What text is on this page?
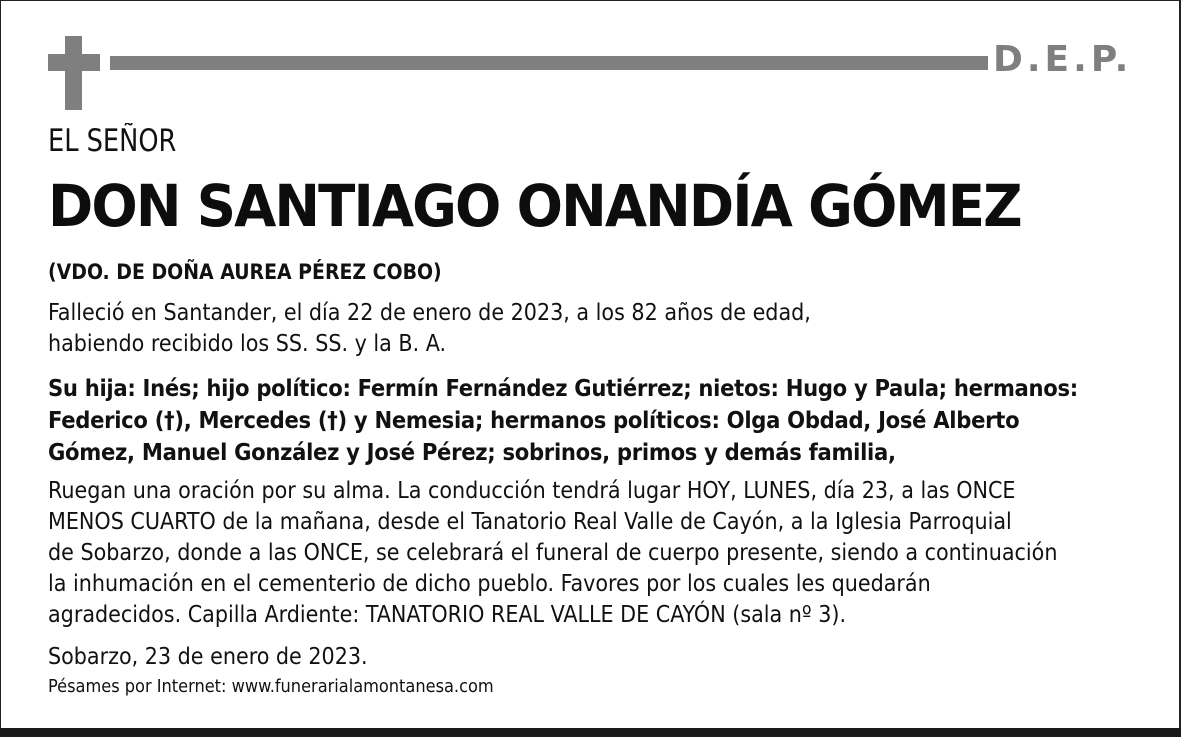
D.E.P.
EL SEÑOR
DON SANTIAGO ONANDÍA GÓMEZ
(VDO. DE DOÑA AUREA PÉREZ COBO)
Falleció en Santander, el día 22 de enero de 2023, a los 82 años de edad,
habiendo recibido los SS. SS. y la B. A.
Su hija: Inés; hijo político: Fermín Fernández Gutiérrez; nietos: Hugo y Paula; hermanos:
Federico (†), Mercedes (†) y Nemesia; hermanos políticos: Olga Obdad, José Alberto
Gómez, Manuel González y José Pérez; sobrinos, primos y demás familia,
Ruegan una oración por su alma. La conducción tendrá lugar HOY, LUNES, día 23, a las ONCE
MENOS CUARTO de la mañana, desde el Tanatorio Real Valle de Cayón, a la Iglesia Parroquial
de Sobarzo, donde a las ONCE, se celebrará el funeral de cuerpo presente, siendo a continuación
la inhumación en el cementerio de dicho pueblo. Favores por los cuales les quedarán
agradecidos. Capilla Ardiente: TANATORIO REAL VALLE DE CAYÓN (sala nº 3).
Sobarzo, 23 de enero de 2023.
Pésames por Internet: www.funerarialamontanesa.com
